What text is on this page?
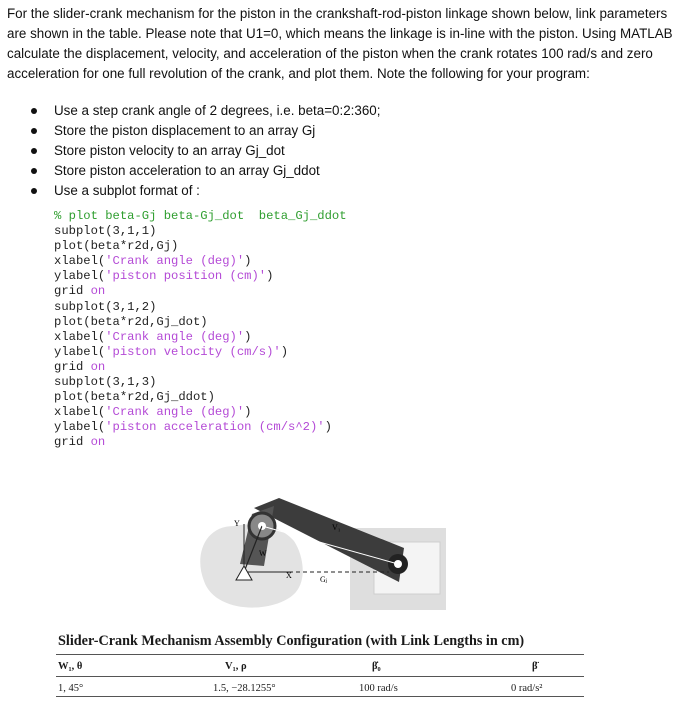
For the slider-crank mechanism for the piston in the crankshaft-rod-piston linkage shown below, link parameters are shown in the table. Please note that U1=0, which means the linkage is in-line with the piston. Using MATLAB calculate the displacement, velocity, and acceleration of the piston when the crank rotates 100 rad/s and zero acceleration for one full revolution of the crank, and plot them. Note the following for your program:
Use a step crank angle of 2 degrees, i.e. beta=0:2:360;
Store the piston displacement to an array Gj
Store piston velocity to an array Gj_dot
Store piston acceleration to an array Gj_ddot
Use a subplot format of :
% plot beta-Gj beta-Gj_dot  beta_Gj_ddot
subplot(3,1,1)
plot(beta*r2d,Gj)
xlabel('Crank angle (deg)')
ylabel('piston position (cm)')
grid on
subplot(3,1,2)
plot(beta*r2d,Gj_dot)
xlabel('Crank angle (deg)')
ylabel('piston velocity (cm/s)')
grid on
subplot(3,1,3)
plot(beta*r2d,Gj_ddot)
xlabel('Crank angle (deg)')
ylabel('piston acceleration (cm/s^2)')
grid on
Y
W
X
V₁
Gⱼ
Slider-Crank Mechanism Assembly Configuration (with Link Lengths in cm)
W₁, θ	V₁, ρ	β̇₀	β̈
1, 45°	1.5, −28.1255°	100 rad/s	0 rad/s²
